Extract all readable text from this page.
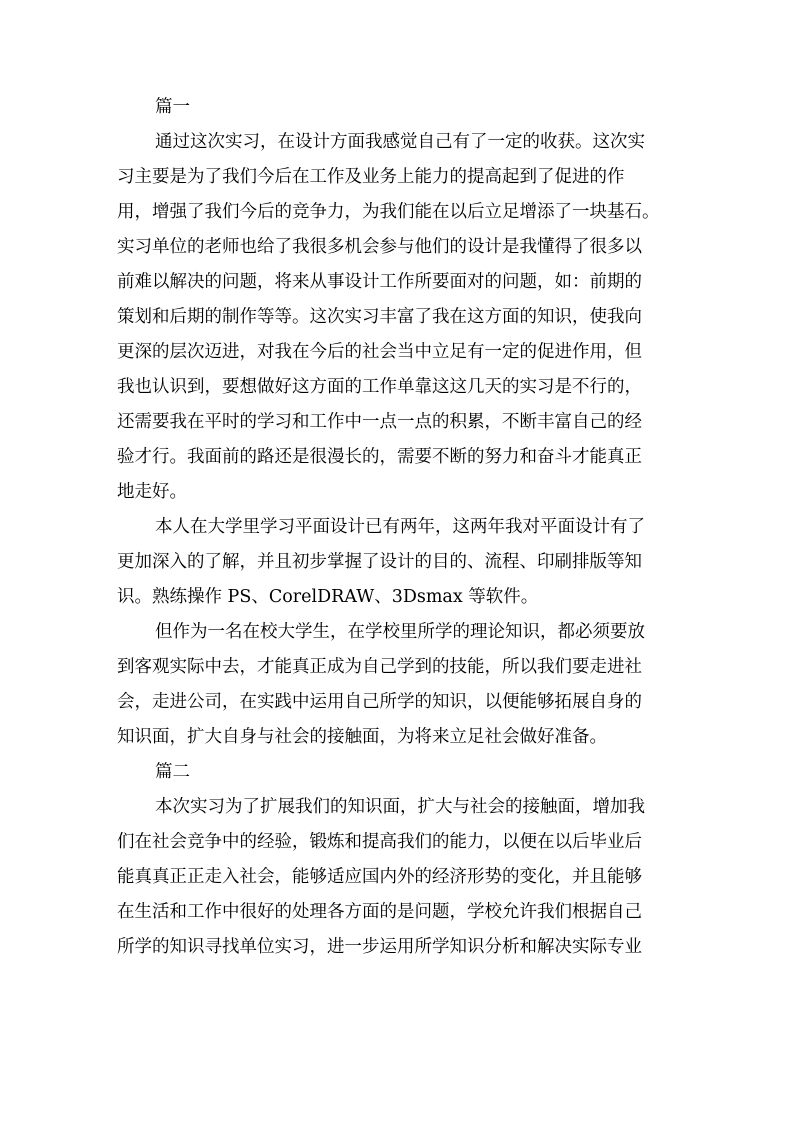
篇一
通过这次实习，在设计方面我感觉自己有了一定的收获。这次实
习主要是为了我们今后在工作及业务上能力的提高起到了促进的作
用，增强了我们今后的竞争力，为我们能在以后立足增添了一块基石。
实习单位的老师也给了我很多机会参与他们的设计是我懂得了很多以
前难以解决的问题，将来从事设计工作所要面对的问题，如：前期的
策划和后期的制作等等。这次实习丰富了我在这方面的知识，使我向
更深的层次迈进，对我在今后的社会当中立足有一定的促进作用，但
我也认识到，要想做好这方面的工作单靠这这几天的实习是不行的，
还需要我在平时的学习和工作中一点一点的积累，不断丰富自己的经
验才行。我面前的路还是很漫长的，需要不断的努力和奋斗才能真正
地走好。
本人在大学里学习平面设计已有两年，这两年我对平面设计有了
更加深入的了解，并且初步掌握了设计的目的、流程、印刷排版等知
识。熟练操作 PS、CorelDRAW、3Dsmax 等软件。
但作为一名在校大学生，在学校里所学的理论知识，都必须要放
到客观实际中去，才能真正成为自己学到的技能，所以我们要走进社
会，走进公司，在实践中运用自己所学的知识，以便能够拓展自身的
知识面，扩大自身与社会的接触面，为将来立足社会做好准备。
篇二
本次实习为了扩展我们的知识面，扩大与社会的接触面，增加我
们在社会竞争中的经验，锻炼和提高我们的能力，以便在以后毕业后
能真真正正走入社会，能够适应国内外的经济形势的变化，并且能够
在生活和工作中很好的处理各方面的是问题，学校允许我们根据自己
所学的知识寻找单位实习，进一步运用所学知识分析和解决实际专业
